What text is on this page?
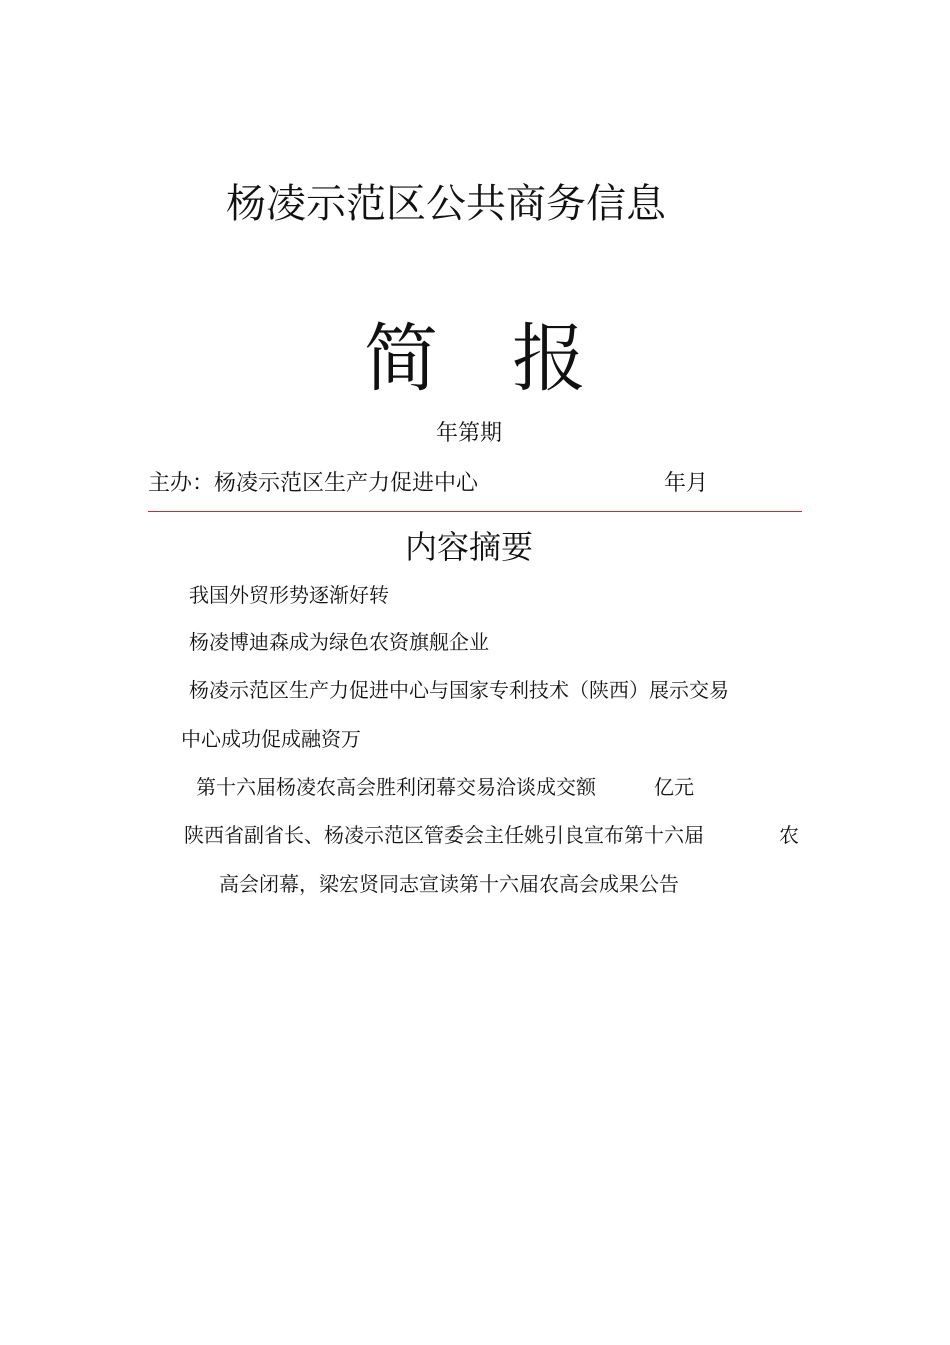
杨凌示范区公共商务信息
简 报
年第期
主办：杨凌示范区生产力促进中心	年月
内容摘要
我国外贸形势逐渐好转
杨凌博迪森成为绿色农资旗舰企业
杨凌示范区生产力促进中心与国家专利技术（陕西）展示交易
中心成功促成融资万
第十六届杨凌农高会胜利闭幕交易洽谈成交额	亿元
陕西省副省长、杨凌示范区管委会主任姚引良宣布第十六届	农
高会闭幕，梁宏贤同志宣读第十六届农高会成果公告
